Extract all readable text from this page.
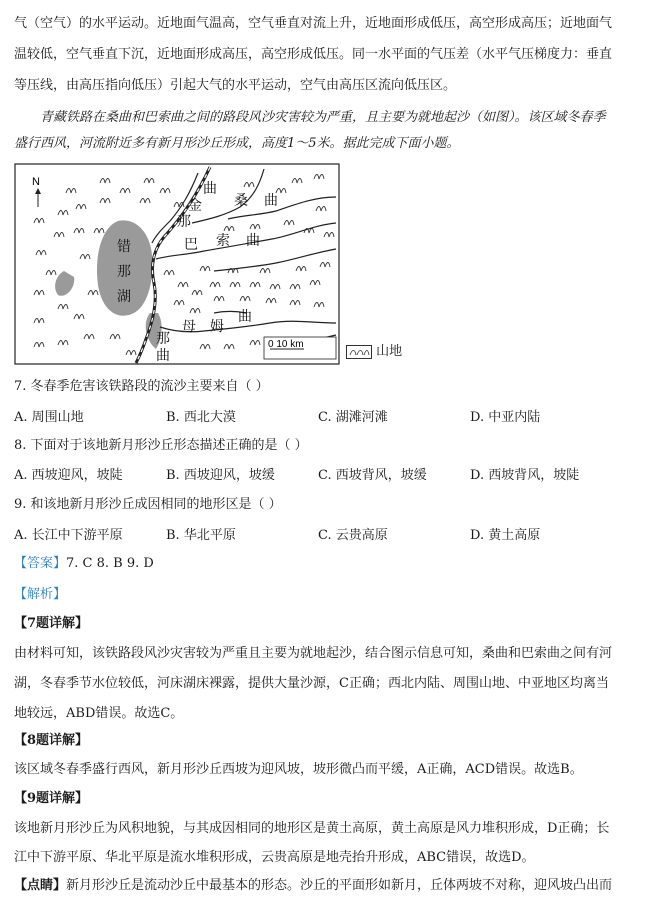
气（空气）的水平运动。近地面气温高，空气垂直对流上升，近地面形成低压，高空形成高压；近地面气
温较低，空气垂直下沉，近地面形成高压，高空形成低压。同一水平面的气压差（水平气压梯度力：垂直
等压线，由高压指向低压）引起大气的水平运动，空气由高压区流向低压区。
青藏铁路在桑曲和巴索曲之间的路段风沙灾害较为严重，且主要为就地起沙（如图）。该区域冬春季
盛行西风，河流附近多有新月形沙丘形成，高度1～5米。据此完成下面小题。
N	曲
桑 曲
金
那
巴 索 曲
错
那
湖
母 姆
曲
那
曲
0 10 km	山地
7. 冬春季危害该铁路段的流沙主要来自（ ）
A. 周围山地	B. 西北大漠	C. 湖滩河滩	D. 中亚内陆
8. 下面对于该地新月形沙丘形态描述正确的是（ ）
A. 西坡迎风，坡陡	B. 西坡迎风，坡缓	C. 西坡背风，坡缓	D. 西坡背风，坡陡
9. 和该地新月形沙丘成因相同的地形区是（ ）
A. 长江中下游平原	B. 华北平原	C. 云贵高原	D. 黄土高原
【答案】7. C 8. B 9. D
【解析】
【7题详解】
由材料可知，该铁路段风沙灾害较为严重且主要为就地起沙，结合图示信息可知，桑曲和巴索曲之间有河
湖，冬春季节水位较低，河床湖床裸露，提供大量沙源，C正确；西北内陆、周围山地、中亚地区均离当
地较远，ABD错误。故选C。
【8题详解】
该区域冬春季盛行西风，新月形沙丘西坡为迎风坡，坡形微凸而平缓，A正确，ACD错误。故选B。
【9题详解】
该地新月形沙丘为风积地貌，与其成因相同的地形区是黄土高原，黄土高原是风力堆积形成，D正确；长
江中下游平原、华北平原是流水堆积形成，云贵高原是地壳抬升形成，ABC错误，故选D。
【点睛】新月形沙丘是流动沙丘中最基本的形态。沙丘的平面形如新月，丘体两坡不对称，迎风坡凸出而
